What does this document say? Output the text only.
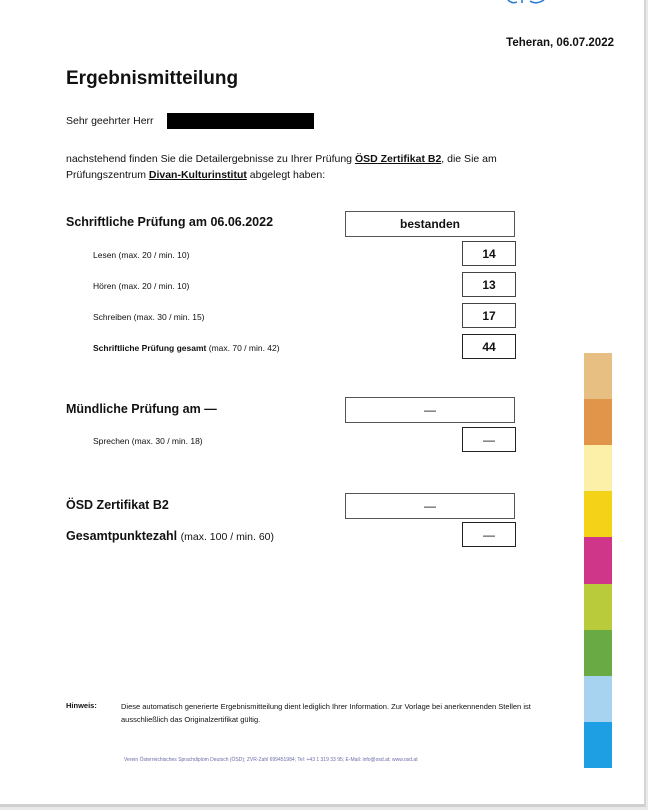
Teheran, 06.07.2022
Ergebnismitteilung
Sehr geehrter Herr
nachstehend finden Sie die Detailergebnisse zu Ihrer Prüfung ÖSD Zertifikat B2, die Sie am
Prüfungszentrum Divan-Kulturinstitut abgelegt haben:
Schriftliche Prüfung am 06.06.2022	bestanden
Lesen (max. 20 / min. 10)	14
Hören (max. 20 / min. 10)	13
Schreiben (max. 30 / min. 15)	17
Schriftliche Prüfung gesamt (max. 70 / min. 42)	44
Mündliche Prüfung am —	—
Sprechen (max. 30 / min. 18)	—
ÖSD Zertifikat B2	—
Gesamtpunktezahl (max. 100 / min. 60)	—
Hinweis:	Diese automatisch generierte Ergebnismitteilung dient lediglich Ihrer Information. Zur Vorlage bei anerkennenden Stellen ist ausschließlich das Originalzertifikat gültig.
Verein Österreichisches Sprachdiplom Deutsch (ÖSD); ZVR-Zahl 699451984; Tel: +43 1 319 33 95; E-Mail: info@osd.at; www.osd.at
